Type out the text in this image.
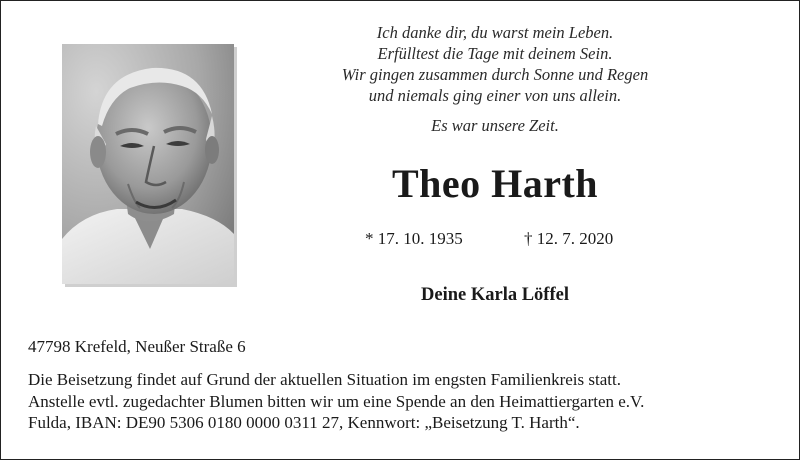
Ich danke dir, du warst mein Leben.
Erfülltest die Tage mit deinem Sein.
Wir gingen zusammen durch Sonne und Regen
und niemals ging einer von uns allein.
Es war unsere Zeit.
Theo Harth
* 17. 10. 1935	† 12. 7. 2020
Deine Karla Löffel
47798 Krefeld, Neußer Straße 6
Die Beisetzung findet auf Grund der aktuellen Situation im engsten Familienkreis statt.
Anstelle evtl. zugedachter Blumen bitten wir um eine Spende an den Heimattiergarten e.V.
Fulda, IBAN: DE90 5306 0180 0000 0311 27, Kennwort: „Beisetzung T. Harth“.
